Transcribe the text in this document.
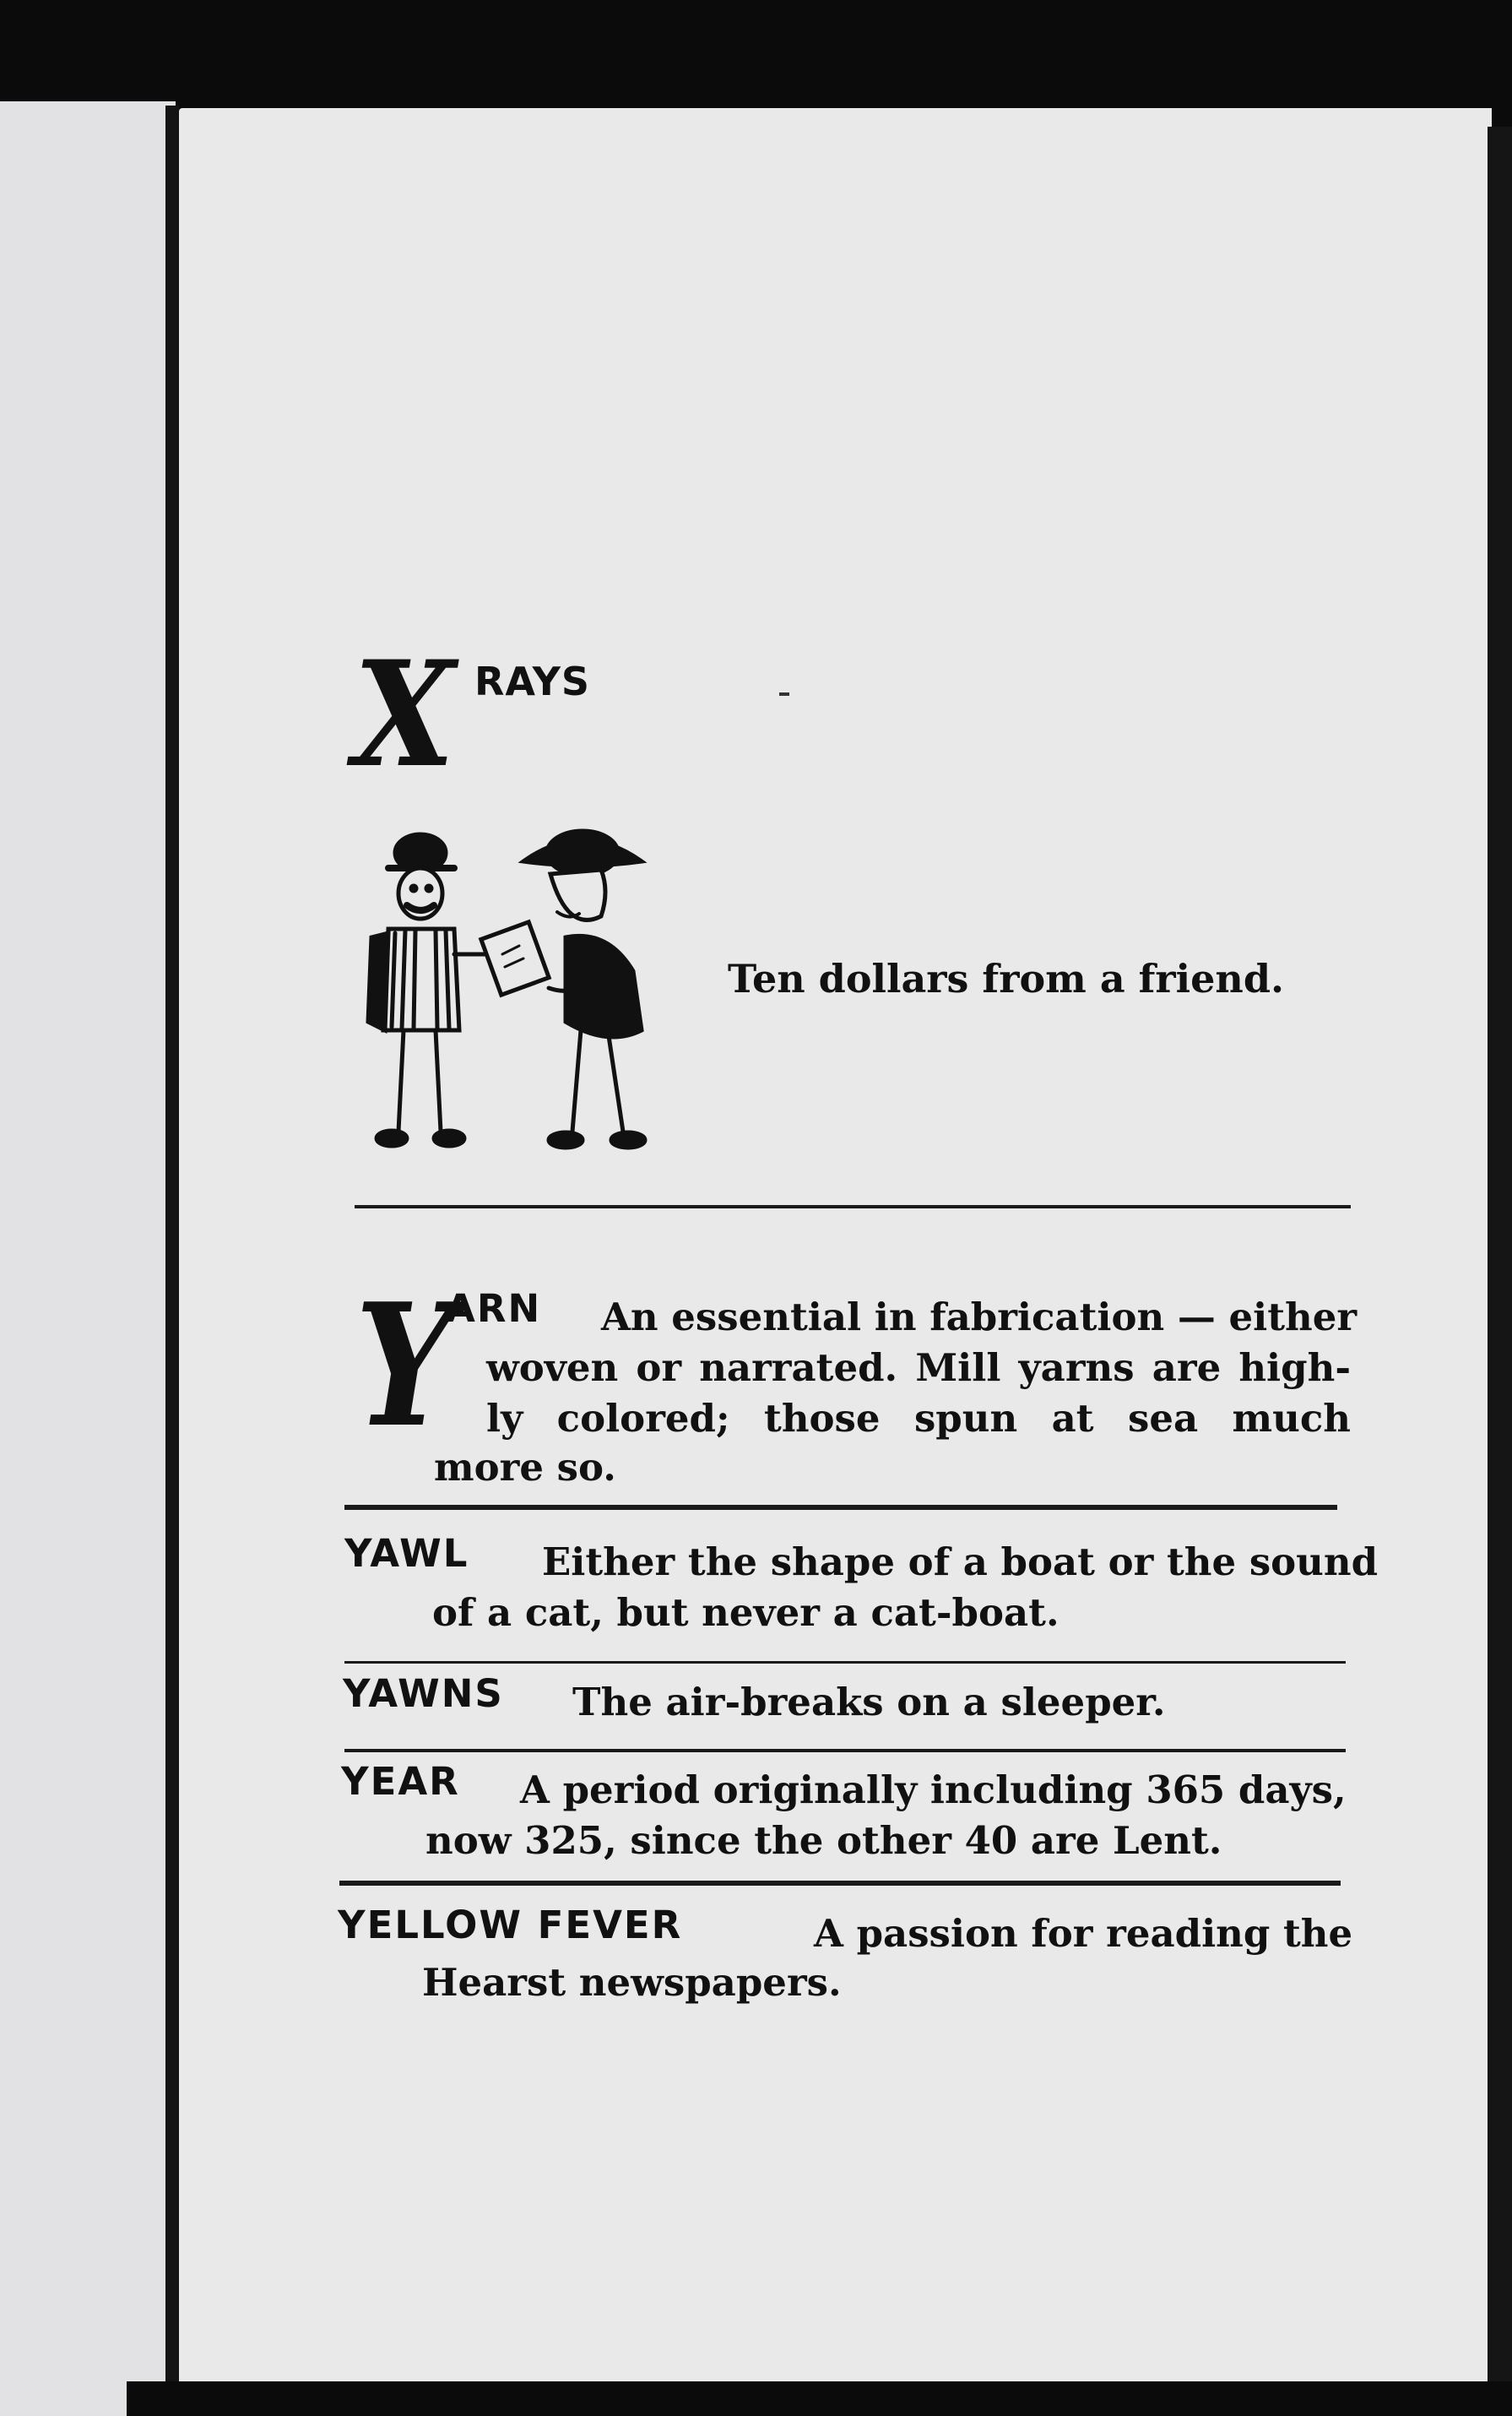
X RAYS
Ten dollars from a friend.
Y
ARN	An essential in fabrication — either
woven or narrated. Mill yarns are high-
ly colored; those spun at sea much
more so.
YAWL Either the shape of a boat or the sound
of a cat, but never a cat-boat.
YAWNS The air-breaks on a sleeper.
YEAR A period originally including 365 days,
now 325, since the other 40 are Lent.
YELLOW FEVER	A passion for reading the
Hearst newspapers.
